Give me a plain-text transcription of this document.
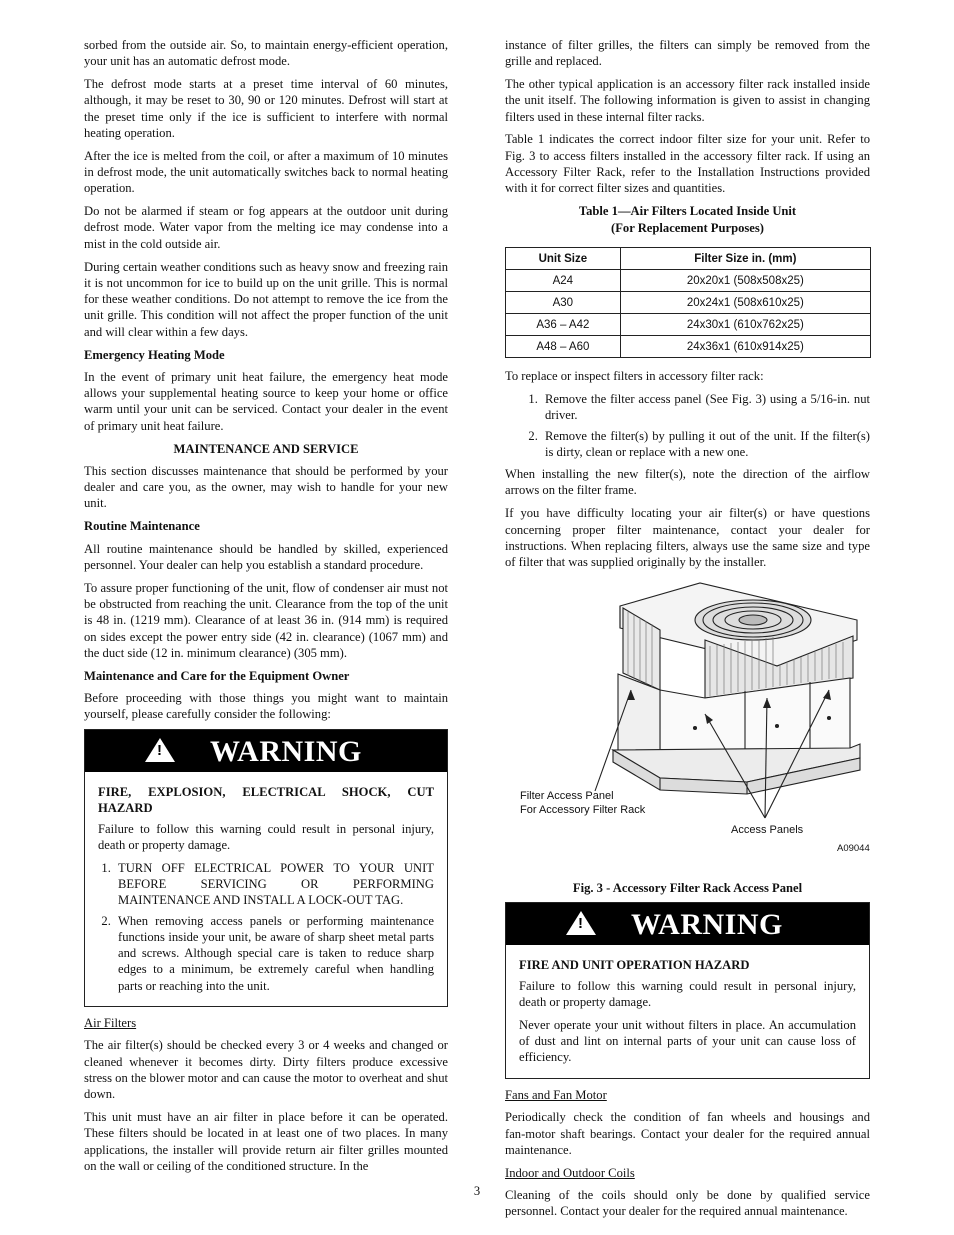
sorbed from the outside air. So, to maintain energy‑efficient operation, your unit has an automatic defrost mode.

The defrost mode starts at a preset time interval of 60 minutes, although, it may be reset to 30, 90 or 120 minutes. Defrost will start at the preset time only if the ice is sufficient to interfere with normal heating operation.

After the ice is melted from the coil, or after a maximum of 10 minutes in defrost mode, the unit automatically switches back to normal heating operation.

Do not be alarmed if steam or fog appears at the outdoor unit during defrost mode. Water vapor from the melting ice may condense into a mist in the cold outside air.

During certain weather conditions such as heavy snow and freezing rain it is not uncommon for ice to build up on the unit grille. This is normal for these weather conditions. Do not attempt to remove the ice from the unit grille. This condition will not affect the proper function of the unit and will clear within a few days.

Emergency Heating Mode

In the event of primary unit heat failure, the emergency heat mode allows your supplemental heating source to keep your home or office warm until your unit can be serviced. Contact your dealer in the event of primary unit heat failure.

MAINTENANCE AND SERVICE

This section discusses maintenance that should be performed by your dealer and care you, as the owner, may wish to handle for your new unit.

Routine Maintenance

All routine maintenance should be handled by skilled, experienced personnel. Your dealer can help you establish a standard procedure.

To assure proper functioning of the unit, flow of condenser air must not be obstructed from reaching the unit. Clearance from the top of the unit is 48 in. (1219 mm). Clearance of at least 36 in. (914 mm) is required on sides except the power entry side (42 in. clearance) (1067 mm) and the duct side (12 in. minimum clearance) (305 mm).

Maintenance and Care for the Equipment Owner

Before proceeding with those things you might want to maintain yourself, please carefully consider the following:

! WARNING
FIRE, EXPLOSION, ELECTRICAL SHOCK, CUT HAZARD

Failure to follow this warning could result in personal injury, death or property damage.

1. TURN OFF ELECTRICAL POWER TO YOUR UNIT BEFORE SERVICING OR PERFORMING MAINTENANCE AND INSTALL A LOCK‑OUT TAG.
2. When removing access panels or performing maintenance functions inside your unit, be aware of sharp sheet metal parts and screws. Although special care is taken to reduce sharp edges to a minimum, be extremely careful when handling parts or reaching into the unit.
Air Filters

The air filter(s) should be checked every 3 or 4 weeks and changed or cleaned whenever it becomes dirty. Dirty filters produce excessive stress on the blower motor and can cause the motor to overheat and shut down.

This unit must have an air filter in place before it can be operated. These filters should be located in at least one of two places. In many applications, the installer will provide return air filter grilles mounted on the wall or ceiling of the conditioned structure. In the

instance of filter grilles, the filters can simply be removed from the grille and replaced.

The other typical application is an accessory filter rack installed inside the unit itself. The following information is given to assist in changing filters used in these internal filter racks.

Table 1 indicates the correct indoor filter size for your unit. Refer to Fig. 3 to access filters installed in the accessory filter rack. If using an Accessory Filter Rack, refer to the Installation Instructions provided with it for correct filter sizes and quantities.

Table 1—Air Filters Located Inside Unit
(For Replacement Purposes)
Unit Size	Filter Size in. (mm)
A24	20x20x1 (508x508x25)
A30	20x24x1 (508x610x25)
A36 – A42	24x30x1 (610x762x25)
A48 – A60	24x36x1 (610x914x25)

To replace or inspect filters in accessory filter rack:

1. Remove the filter access panel (See Fig. 3) using a 5/16‑in. nut driver.
2. Remove the filter(s) by pulling it out of the unit. If the filter(s) is dirty, clean or replace with a new one.

When installing the new filter(s), note the direction of the airflow arrows on the filter frame.

If you have difficulty locating your air filter(s) or have questions concerning proper filter maintenance, contact your dealer for instructions. When replacing filters, always use the same size and type of filter that was supplied originally by the installer.

Fig. 3 ‑ Accessory Filter Rack Access Panel
! WARNING
FIRE AND UNIT OPERATION HAZARD

Failure to follow this warning could result in personal injury, death or property damage.

Never operate your unit without filters in place. An accumulation of dust and lint on internal parts of your unit can cause loss of efficiency.

Fans and Fan Motor

Periodically check the condition of fan wheels and housings and fan‑motor shaft bearings. Contact your dealer for the required annual maintenance.

Indoor and Outdoor Coils

Cleaning of the coils should only be done by qualified service personnel. Contact your dealer for the required annual maintenance.

Filter Access Panel
For Accessory Filter Rack
Access Panels
A09044
3
